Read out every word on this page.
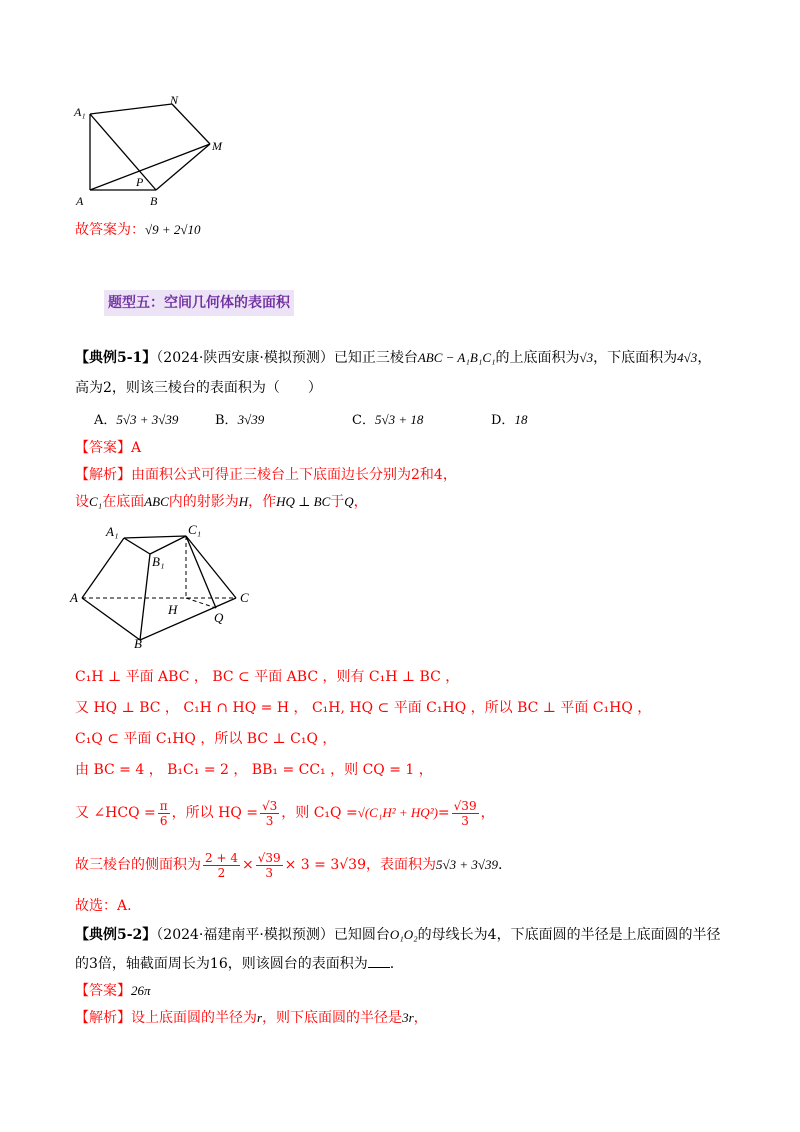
A₁
N
M
P
A	B
故答案为：√9 + 2√10
题型五：空间几何体的表面积
【典例5-1】（2024·陕西安康·模拟预测）已知正三棱台ABC − A₁B₁C₁的上底面积为√3，下底面积为4√3，
高为2，则该三棱台的表面积为（　　）
A．5√3 + 3√39	B．3√39	C．5√3 + 18	D．18
【答案】A
【解析】由面积公式可得正三棱台上下底面边长分别为2和4，
设C₁在底面ABC内的射影为H，作HQ ⊥ BC于Q，
A₁	C₁
B₁
A	C
H
Q
B
C₁H ⊥ 平面 ABC ， BC ⊂ 平面 ABC ，则有 C₁H ⊥ BC ，
又 HQ ⊥ BC ， C₁H ∩ HQ = H ， C₁H, HQ ⊂ 平面 C₁HQ ，所以 BC ⊥ 平面 C₁HQ ，
C₁Q ⊂ 平面 C₁HQ ，所以 BC ⊥ C₁Q ，
由 BC = 4 ， B₁C₁ = 2 ， BB₁ = CC₁ ，则 CQ = 1 ，
又 ∠HCQ = $\frac{\pi}{6}$ ，所以 HQ = $\frac{√3}{3}$ ，则 $C_1Q =√(C_1H^2 + HQ^2)= \frac{√39}{3}$ ，
故三棱台的侧面积为 $\frac{2 + 4}{2} \times \frac{√39}{3} \times 3 = 3√39$，表面积为5√3 + 3√39.
故选：A.
【典例5-2】（2024·福建南平·模拟预测）已知圆台O₁O₂的母线长为4，下底面圆的半径是上底面圆的半径
的3倍，轴截面周长为16，则该圆台的表面积为 .
【答案】26π
【解析】设上底面圆的半径为r，则下底面圆的半径是3r，
